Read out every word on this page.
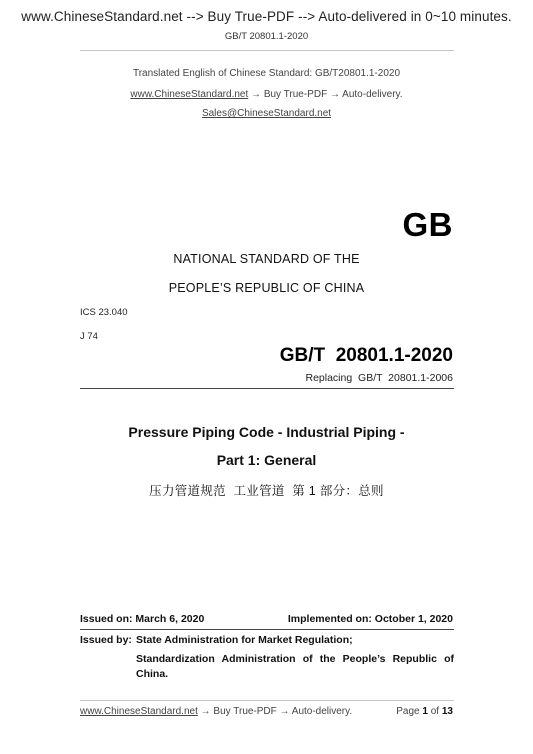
www.ChineseStandard.net --> Buy True-PDF --> Auto-delivered in 0~10 minutes.
GB/T 20801.1-2020
Translated English of Chinese Standard: GB/T20801.1-2020
www.ChineseStandard.net → Buy True-PDF → Auto-delivery.
Sales@ChineseStandard.net
GB
NATIONAL STANDARD OF THE
PEOPLE’S REPUBLIC OF CHINA
ICS 23.040
J 74
GB/T  20801.1-2020
Replacing  GB/T  20801.1-2006
Pressure Piping Code - Industrial Piping -
Part 1: General
压力管道规范  工业管道  第 1 部分：总则
Issued on: March 6, 2020	Implemented on: October 1, 2020
Issued by: State Administration for Market Regulation;
Standardization Administration of the People’s Republic of
China.
www.ChineseStandard.net → Buy True-PDF → Auto-delivery.	Page 1 of 13
